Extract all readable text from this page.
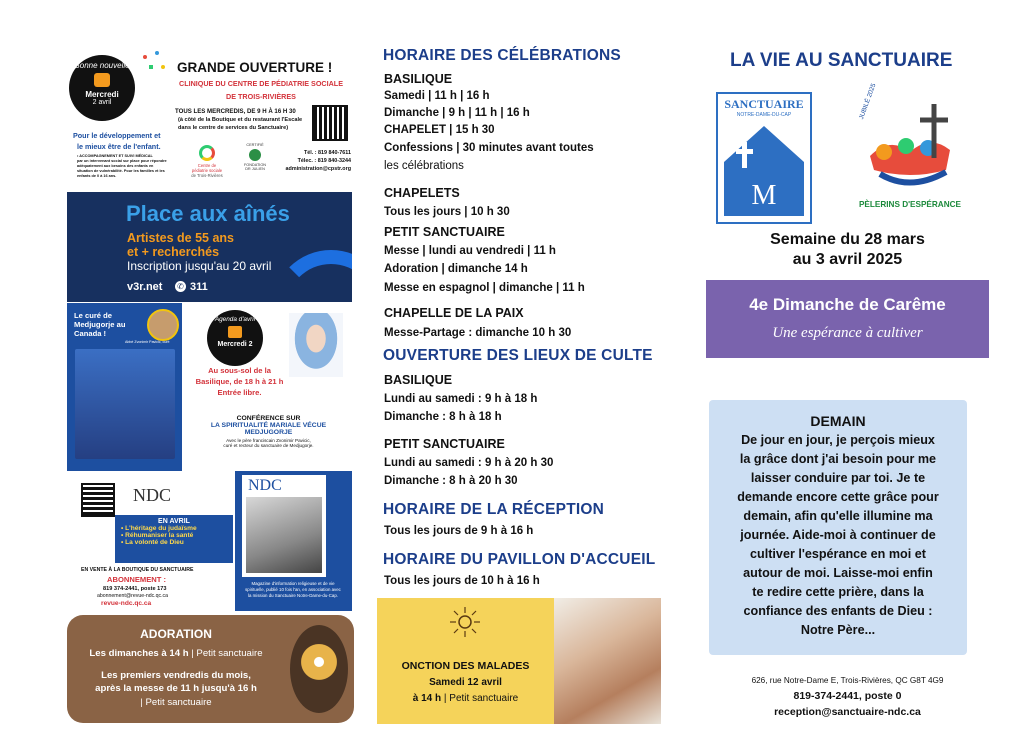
Bonne nouvelle
Mercredi
2 avril
GRANDE OUVERTURE !
CLINIQUE DU CENTRE DE PÉDIATRIE SOCIALE
DE TROIS-RIVIÈRES
TOUS LES MERCREDIS, DE 9 H À 16 H 30
(à côté de la Boutique et du restaurant l'Escale
dans le centre de services du Sanctuaire)
Pour le développement et
le mieux être de l'enfant.
• ACCOMPAGNEMENT ET SUIVI MÉDICAL
par un intervenant social sur place pour répondre
adéquatement aux besoins des enfants en
situation de vulnérabilité. Pour les familles et les
enfants de 0 à 16 ans.
Centre de
pédiatrie sociale
de Trois-Rivières
CERTIFIÉ
FONDATION
DR JULIEN
Tél. : 819 840-7611
Télec. : 819 840-3244
administration@cpstr.org
Place aux aînés
Artistes de 55 ans
et + recherchés
Inscription jusqu'au 20 avril
v3r.net ✆ 311
Le curé de
Medjugorje au
Canada !
Abbé Zvonimir Pavicic, curé
Agenda d'avril
Mercredi 2
Au sous-sol de la
Basilique, de 18 h à 21 h
Entrée libre.
CONFÉRENCE SUR
LA SPIRITUALITÉ MARIALE VÉCUE
MEDJUGORJE
Avec le père franciscain Zvonimir Pavicic,
curé et recteur du sanctuaire de Medjugorje.
NDC
EN AVRIL
• L'héritage du judaïsme
• Réhumaniser la santé
• La volonté de Dieu
EN VENTE À LA BOUTIQUE DU SANCTUAIRE
ABONNEMENT :
819 374-2441, poste 173
abonnement@revue-ndc.qc.ca
revue-ndc.qc.ca
NDC
Magazine d'information religieuse et de vie
spirituelle, publié 10 fois l'an, en association avec
la mission du Sanctuaire Notre-Dame-du-Cap.
ADORATION
Les dimanches à 14 h | Petit sanctuaire
Les premiers vendredis du mois,
après la messe de 11 h jusqu'à 16 h
| Petit sanctuaire
HORAIRE DES CÉLÉBRATIONS
BASILIQUE
Samedi | 11 h | 16 h
Dimanche | 9 h | 11 h | 16 h
CHAPELET | 15 h 30
Confessions | 30 minutes avant toutes
les célébrations
CHAPELETS
Tous les jours | 10 h 30
PETIT SANCTUAIRE
Messe | lundi au vendredi | 11 h
Adoration | dimanche 14 h
Messe en espagnol | dimanche | 11 h
CHAPELLE DE LA PAIX
Messe-Partage : dimanche 10 h 30
OUVERTURE DES LIEUX DE CULTE
BASILIQUE
Lundi au samedi : 9 h à 18 h
Dimanche : 8 h à 18 h
PETIT SANCTUAIRE
Lundi au samedi : 9 h à 20 h 30
Dimanche : 8 h à 20 h 30
HORAIRE DE LA RÉCEPTION
Tous les jours de 9 h à 16 h
HORAIRE DU PAVILLON D'ACCUEIL
Tous les jours de 10 h à 16 h
ONCTION DES MALADES
Samedi 12 avril
à 14 h | Petit sanctuaire
LA VIE AU SANCTUAIRE
SANCTUAIRE
NOTRE-DAME-DU-CAP
M
JUBILÉ 2025
PÈLERINS D'ESPÉRANCE
Semaine du 28 mars
au 3 avril 2025
4e Dimanche de Carême
Une espérance à cultiver
DEMAIN
De jour en jour, je perçois mieux
la grâce dont j'ai besoin pour me
laisser conduire par toi. Je te
demande encore cette grâce pour
demain, afin qu'elle illumine ma
journée. Aide-moi à continuer de
cultiver l'espérance en moi et
autour de moi. Laisse-moi enfin
te redire cette prière, dans la
confiance des enfants de Dieu :
Notre Père...
626, rue Notre-Dame E, Trois-Rivières, QC G8T 4G9
819-374-2441, poste 0
reception@sanctuaire-ndc.ca
